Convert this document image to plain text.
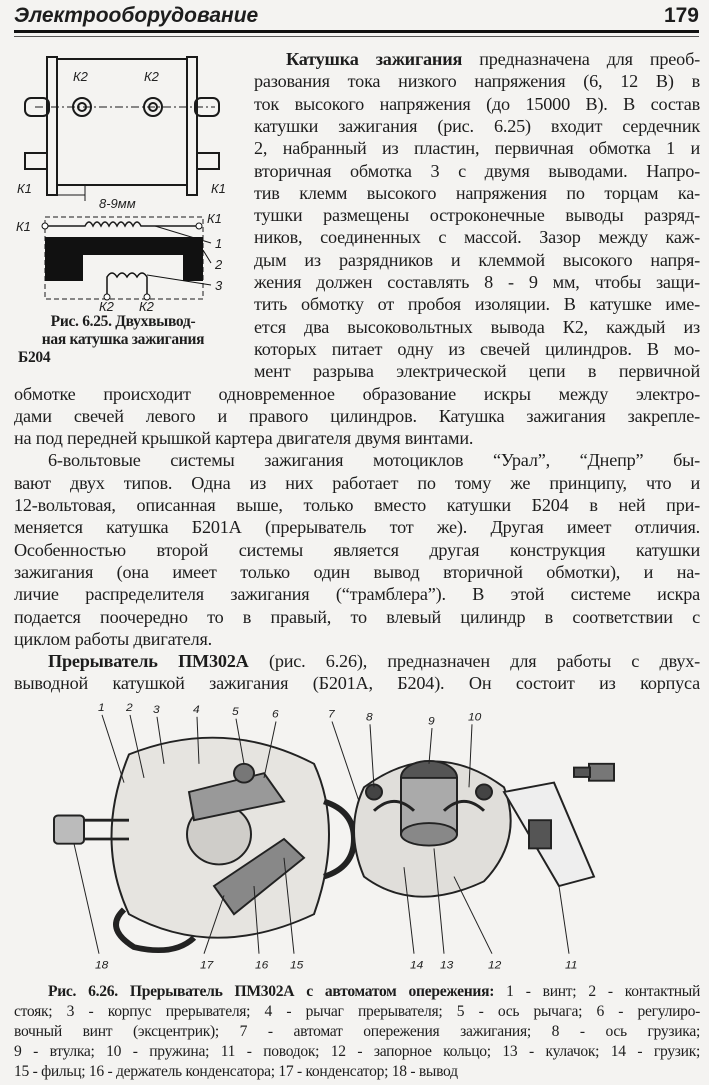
Электрооборудование	179
К2	К2
К1	К1
8-9мм
К1
К1
1
2
3
К2 К2
Рис. 6.25. Двухвывод-
ная катушка зажигания
Б204
Катушка зажигания предназначена для преоб-
разования тока низкого напряжения (6, 12 В) в
ток высокого напряжения (до 15000 В). В состав
катушки зажигания (рис. 6.25) входит сердечник
2, набранный из пластин, первичная обмотка 1 и
вторичная обмотка 3 с двумя выводами. Напро-
тив клемм высокого напряжения по торцам ка-
тушки размещены остроконечные выводы разряд-
ников, соединенных с массой. Зазор между каж-
дым из разрядников и клеммой высокого напря-
жения должен составлять 8 - 9 мм, чтобы защи-
тить обмотку от пробоя изоляции. В катушке име-
ется два высоковольтных вывода К2, каждый из
которых питает одну из свечей цилиндров. В мо-
мент разрыва электрической цепи в первичной
обмотке происходит одновременное образование искры между электро-
дами свечей левого и правого цилиндров. Катушка зажигания закрепле-
на под передней крышкой картера двигателя двумя винтами.
6-вольтовые системы зажигания мотоциклов “Урал”, “Днепр” бы-
вают двух типов. Одна из них работает по тому же принципу, что и
12-вольтовая, описанная выше, только вместо катушки Б204 в ней при-
меняется катушка Б201А (прерыватель тот же). Другая имеет отличия.
Особенностью второй системы является другая конструкция катушки
зажигания (она имеет только один вывод вторичной обмотки), и на-
личие распределителя зажигания (“трамблера”). В этой системе искра
подается поочередно то в правый, то влевый цилиндр в соответствии с
циклом работы двигателя.
Прерыватель ПМ302А (рис. 6.26), предназначен для работы с двух-
выводной катушкой зажигания (Б201А, Б204). Он состоит из корпуса
1 2 3	4	5	6	7	8	9	10
11
12
13
14
15
16
17
18
Рис. 6.26. Прерыватель ПМ302А с автоматом опережения: 1 - винт; 2 - контактный
стояк; 3 - корпус прерывателя; 4 - рычаг прерывателя; 5 - ось рычага; 6 - регулиро-
вочный винт (эксцентрик); 7 - автомат опережения зажигания; 8 - ось грузика;
9 - втулка; 10 - пружина; 11 - поводок; 12 - запорное кольцо; 13 - кулачок; 14 - грузик;
15 - фильц; 16 - держатель конденсатора; 17 - конденсатор; 18 - вывод
